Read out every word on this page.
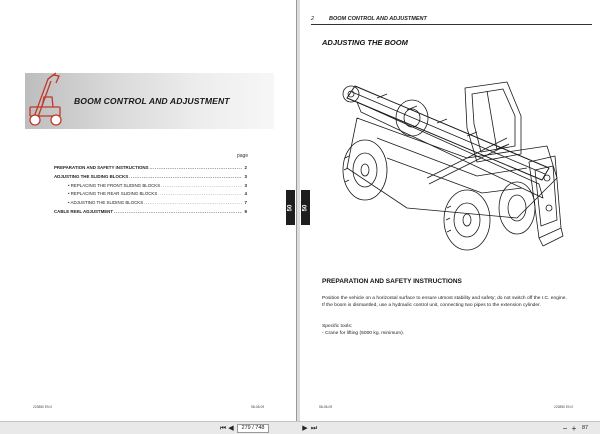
BOOM CONTROL AND ADJUSTMENT
page
PREPARATION AND SAFETY INSTRUCTIONS .....	2
ADJUSTING THE SLIDING BLOCKS .....	3
• REPLACING THE FRONT SLIDING BLOCKS .....	3
• REPLACING THE REAR SLIDING BLOCKS .....	4
• ADJUSTING THE SLIDING BLOCKS .....	7
CABLE REEL ADJUSTMENT .....	9
223850 EN 0	58-08-09
2	BOOM CONTROL AND ADJUSTMENT
ADJUSTING THE BOOM
PREPARATION AND SAFETY INSTRUCTIONS
Position the vehicle on a horizontal surface to ensure utmost stability and safety; do not switch off the I.C. engine.
If the boom is dismantled, use a hydraulic control unit, connecting two pipes to the extension cylinder.
Specific tools:
- Crane for lifting (5000 kg. minimum).
58-08-09	223850 EN 0
50 50
⏮ ◀	279 / 748	▶ ⏭	− +	87
